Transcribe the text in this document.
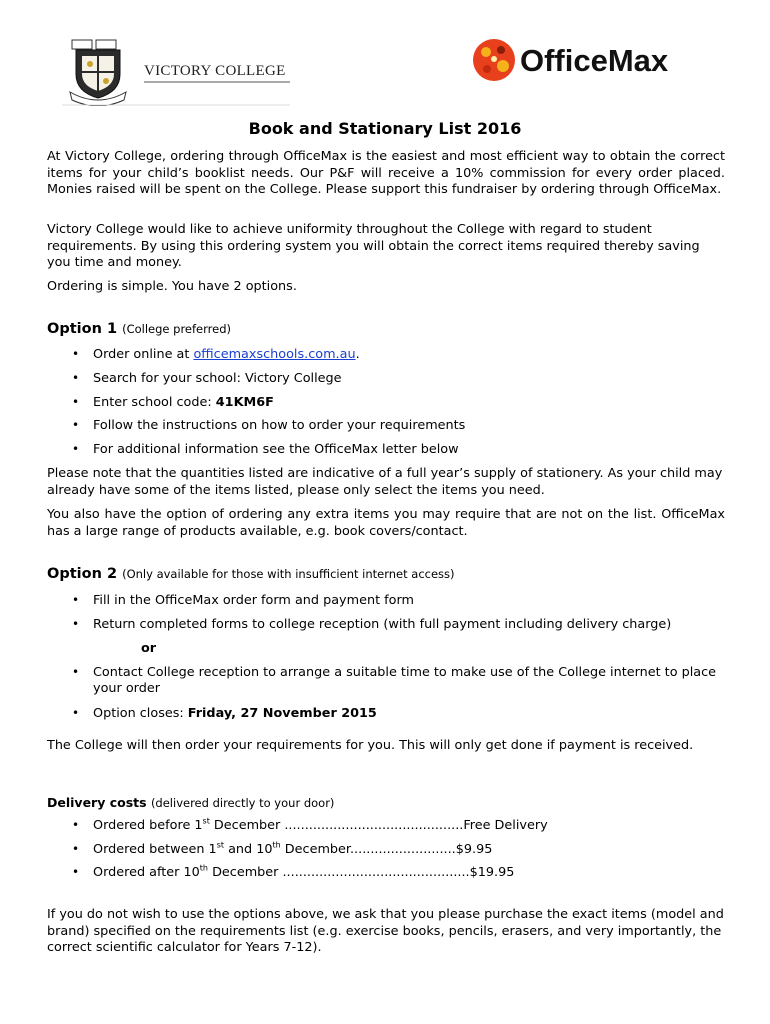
VICTORY COLLEGE	OfficeMax
Book and Stationary List 2016

At Victory College, ordering through OfficeMax is the easiest and most efficient way to obtain the correct items for your child’s booklist needs. Our P&F will receive a 10% commission for every order placed. Monies raised will be spent on the College. Please support this fundraiser by ordering through OfficeMax.

Victory College would like to achieve uniformity throughout the College with regard to student requirements. By using this ordering system you will obtain the correct items required thereby saving you time and money.

Ordering is simple. You have 2 options.

Option 1 (College preferred)
• Order online at officemaxschools.com.au.
• Search for your school: Victory College
• Enter school code: 41KM6F
• Follow the instructions on how to order your requirements
• For additional information see the OfficeMax letter below

Please note that the quantities listed are indicative of a full year’s supply of stationery. As your child may already have some of the items listed, please only select the items you need.

You also have the option of ordering any extra items you may require that are not on the list. OfficeMax has a large range of products available, e.g. book covers/contact.

Option 2 (Only available for those with insufficient internet access)
• Fill in the OfficeMax order form and payment form
• Return completed forms to college reception (with full payment including delivery charge)
or
• Contact College reception to arrange a suitable time to make use of the College internet to place your order
• Option closes: Friday, 27 November 2015

The College will then order your requirements for you. This will only get done if payment is received.

Delivery costs (delivered directly to your door)
• Ordered before 1st December ............................................Free Delivery
• Ordered between 1st and 10th December..........................$9.95
• Ordered after 10th December ..............................................$19.95

If you do not wish to use the options above, we ask that you please purchase the exact items (model and brand) specified on the requirements list (e.g. exercise books, pencils, erasers, and very importantly, the correct scientific calculator for Years 7-12).
